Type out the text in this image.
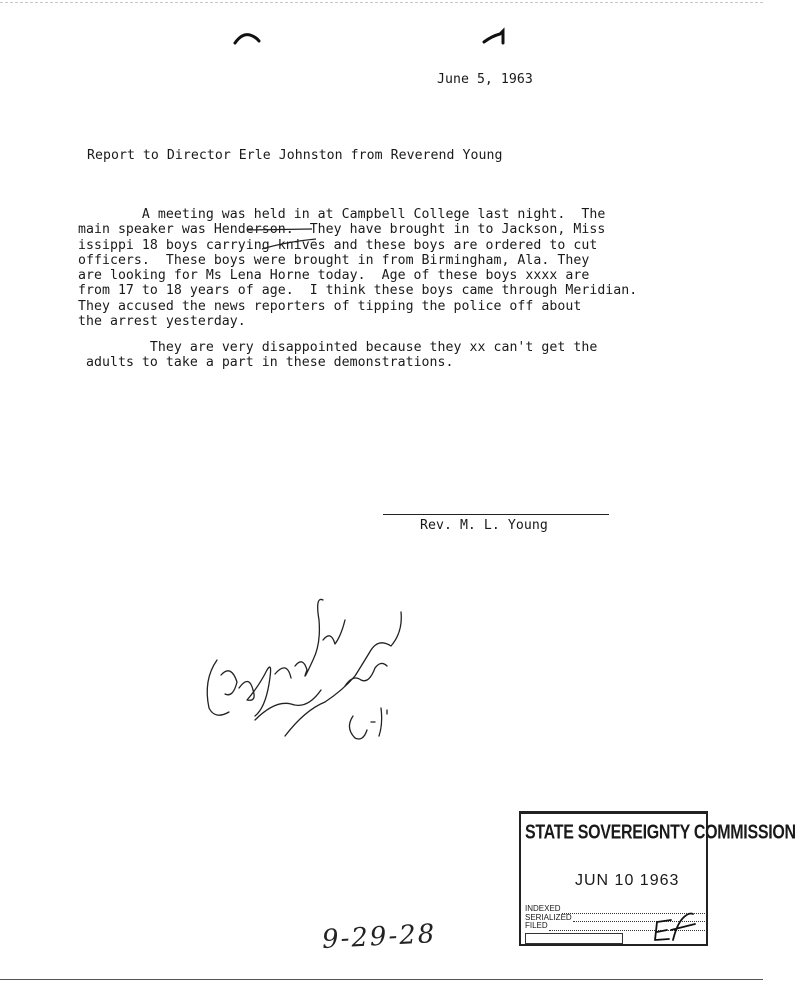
June 5, 1963
Report to Director Erle Johnston from Reverend Young
A meeting was held in at Campbell College last night.  The
main speaker was Henderson.  They have brought in to Jackson, Miss
issippi 18 boys carrying knives and these boys are ordered to cut
officers.  These boys were brought in from Birmingham, Ala. They
are looking for Ms Lena Horne today.  Age of these boys xxxx are
from 17 to 18 years of age.  I think these boys came through Meridian.
They accused the news reporters of tipping the police off about
the arrest yesterday.
They are very disappointed because they xx can't get the
adults to take a part in these demonstrations.
Rev. M. L. Young
9-29-28
STATE SOVEREIGNTY COMMISSION
JUN 10 1963
INDEXED
SERIALIZED
FILED
